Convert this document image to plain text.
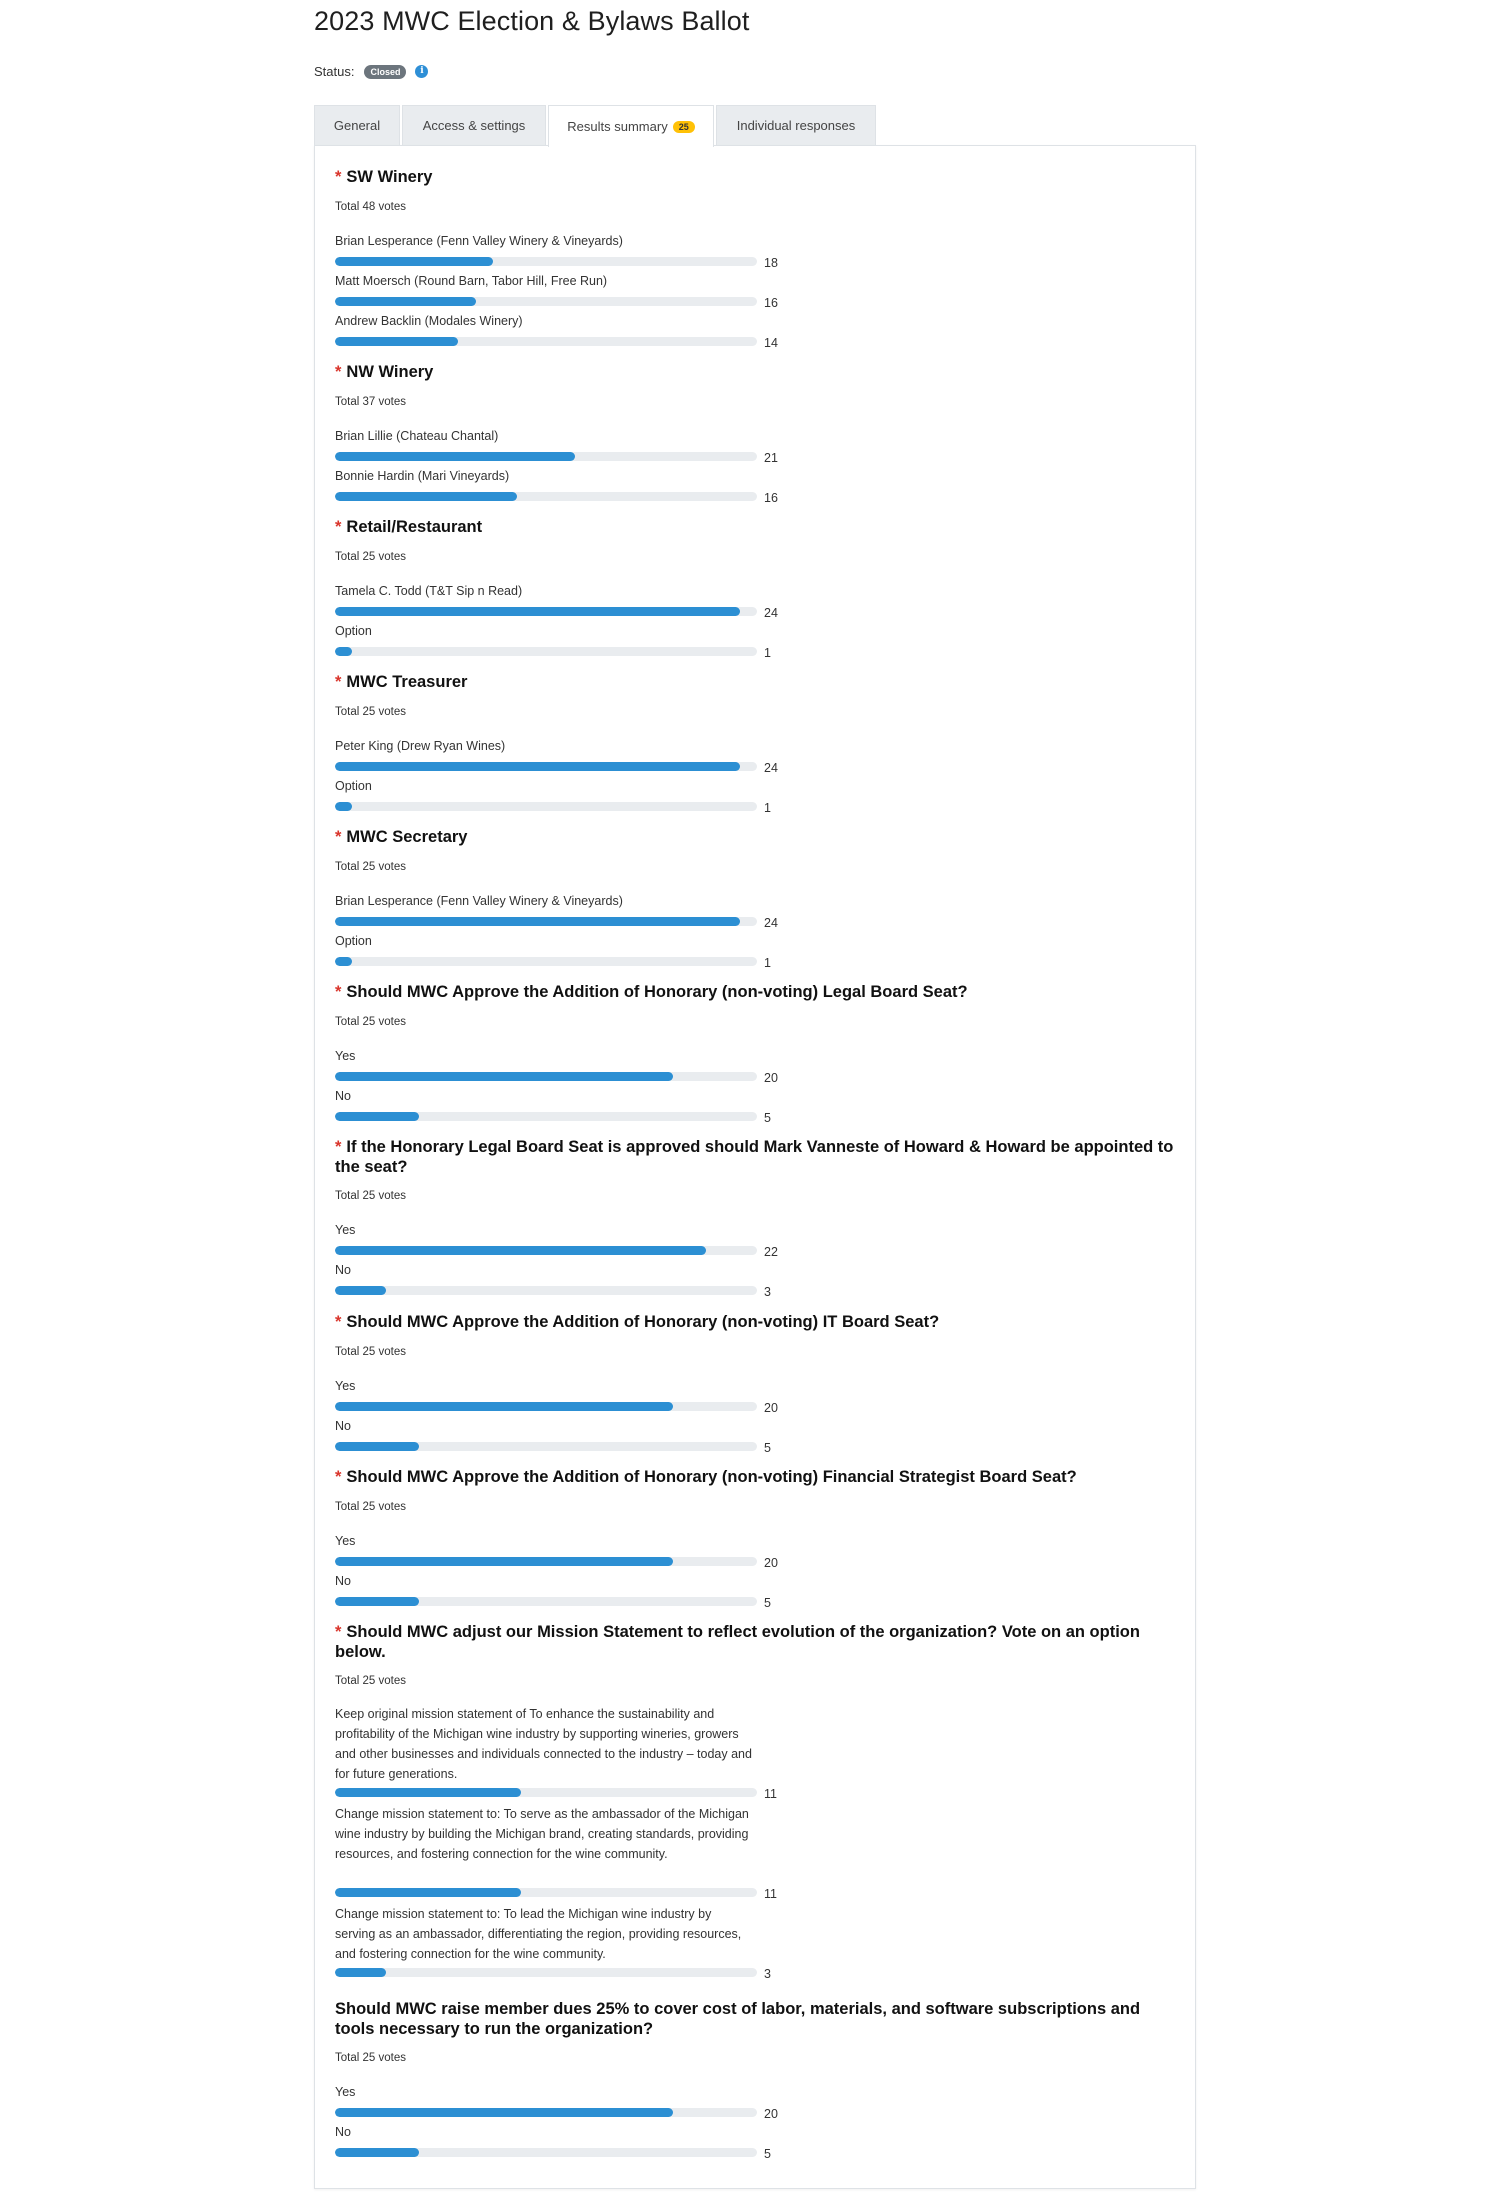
2023 MWC Election & Bylaws Ballot
Status:	Closed	i
General	Access & settings	Results summary	25	Individual responses
* SW Winery
Total 48 votes
Brian Lesperance (Fenn Valley Winery & Vineyards)
18
Matt Moersch (Round Barn, Tabor Hill, Free Run)
16
Andrew Backlin (Modales Winery)
14
* NW Winery
Total 37 votes
Brian Lillie (Chateau Chantal)
21
Bonnie Hardin (Mari Vineyards)
16
* Retail/Restaurant
Total 25 votes
Tamela C. Todd (T&T Sip n Read)
24
Option
1
* MWC Treasurer
Total 25 votes
Peter King (Drew Ryan Wines)
24
Option
1
* MWC Secretary
Total 25 votes
Brian Lesperance (Fenn Valley Winery & Vineyards)
24
Option
1
* Should MWC Approve the Addition of Honorary (non-voting) Legal Board Seat?
Total 25 votes
Yes
20
No
5
* If the Honorary Legal Board Seat is approved should Mark Vanneste of Howard & Howard be appointed to the seat?
Total 25 votes
Yes
22
No
3
* Should MWC Approve the Addition of Honorary (non-voting) IT Board Seat?
Total 25 votes
Yes
20
No
5
* Should MWC Approve the Addition of Honorary (non-voting) Financial Strategist Board Seat?
Total 25 votes
Yes
20
No
5
* Should MWC adjust our Mission Statement to reflect evolution of the organization? Vote on an option below.
Total 25 votes
Keep original mission statement of To enhance the sustainability and profitability of the Michigan wine industry by supporting wineries, growers and other businesses and individuals connected to the industry – today and for future generations.
11
Change mission statement to: To serve as the ambassador of the Michigan wine industry by building the Michigan brand, creating standards, providing resources, and fostering connection for the wine community.
11
Change mission statement to: To lead the Michigan wine industry by serving as an ambassador, differentiating the region, providing resources, and fostering connection for the wine community.
3
Should MWC raise member dues 25% to cover cost of labor, materials, and software subscriptions and tools necessary to run the organization?
Total 25 votes
Yes
20
No
5
